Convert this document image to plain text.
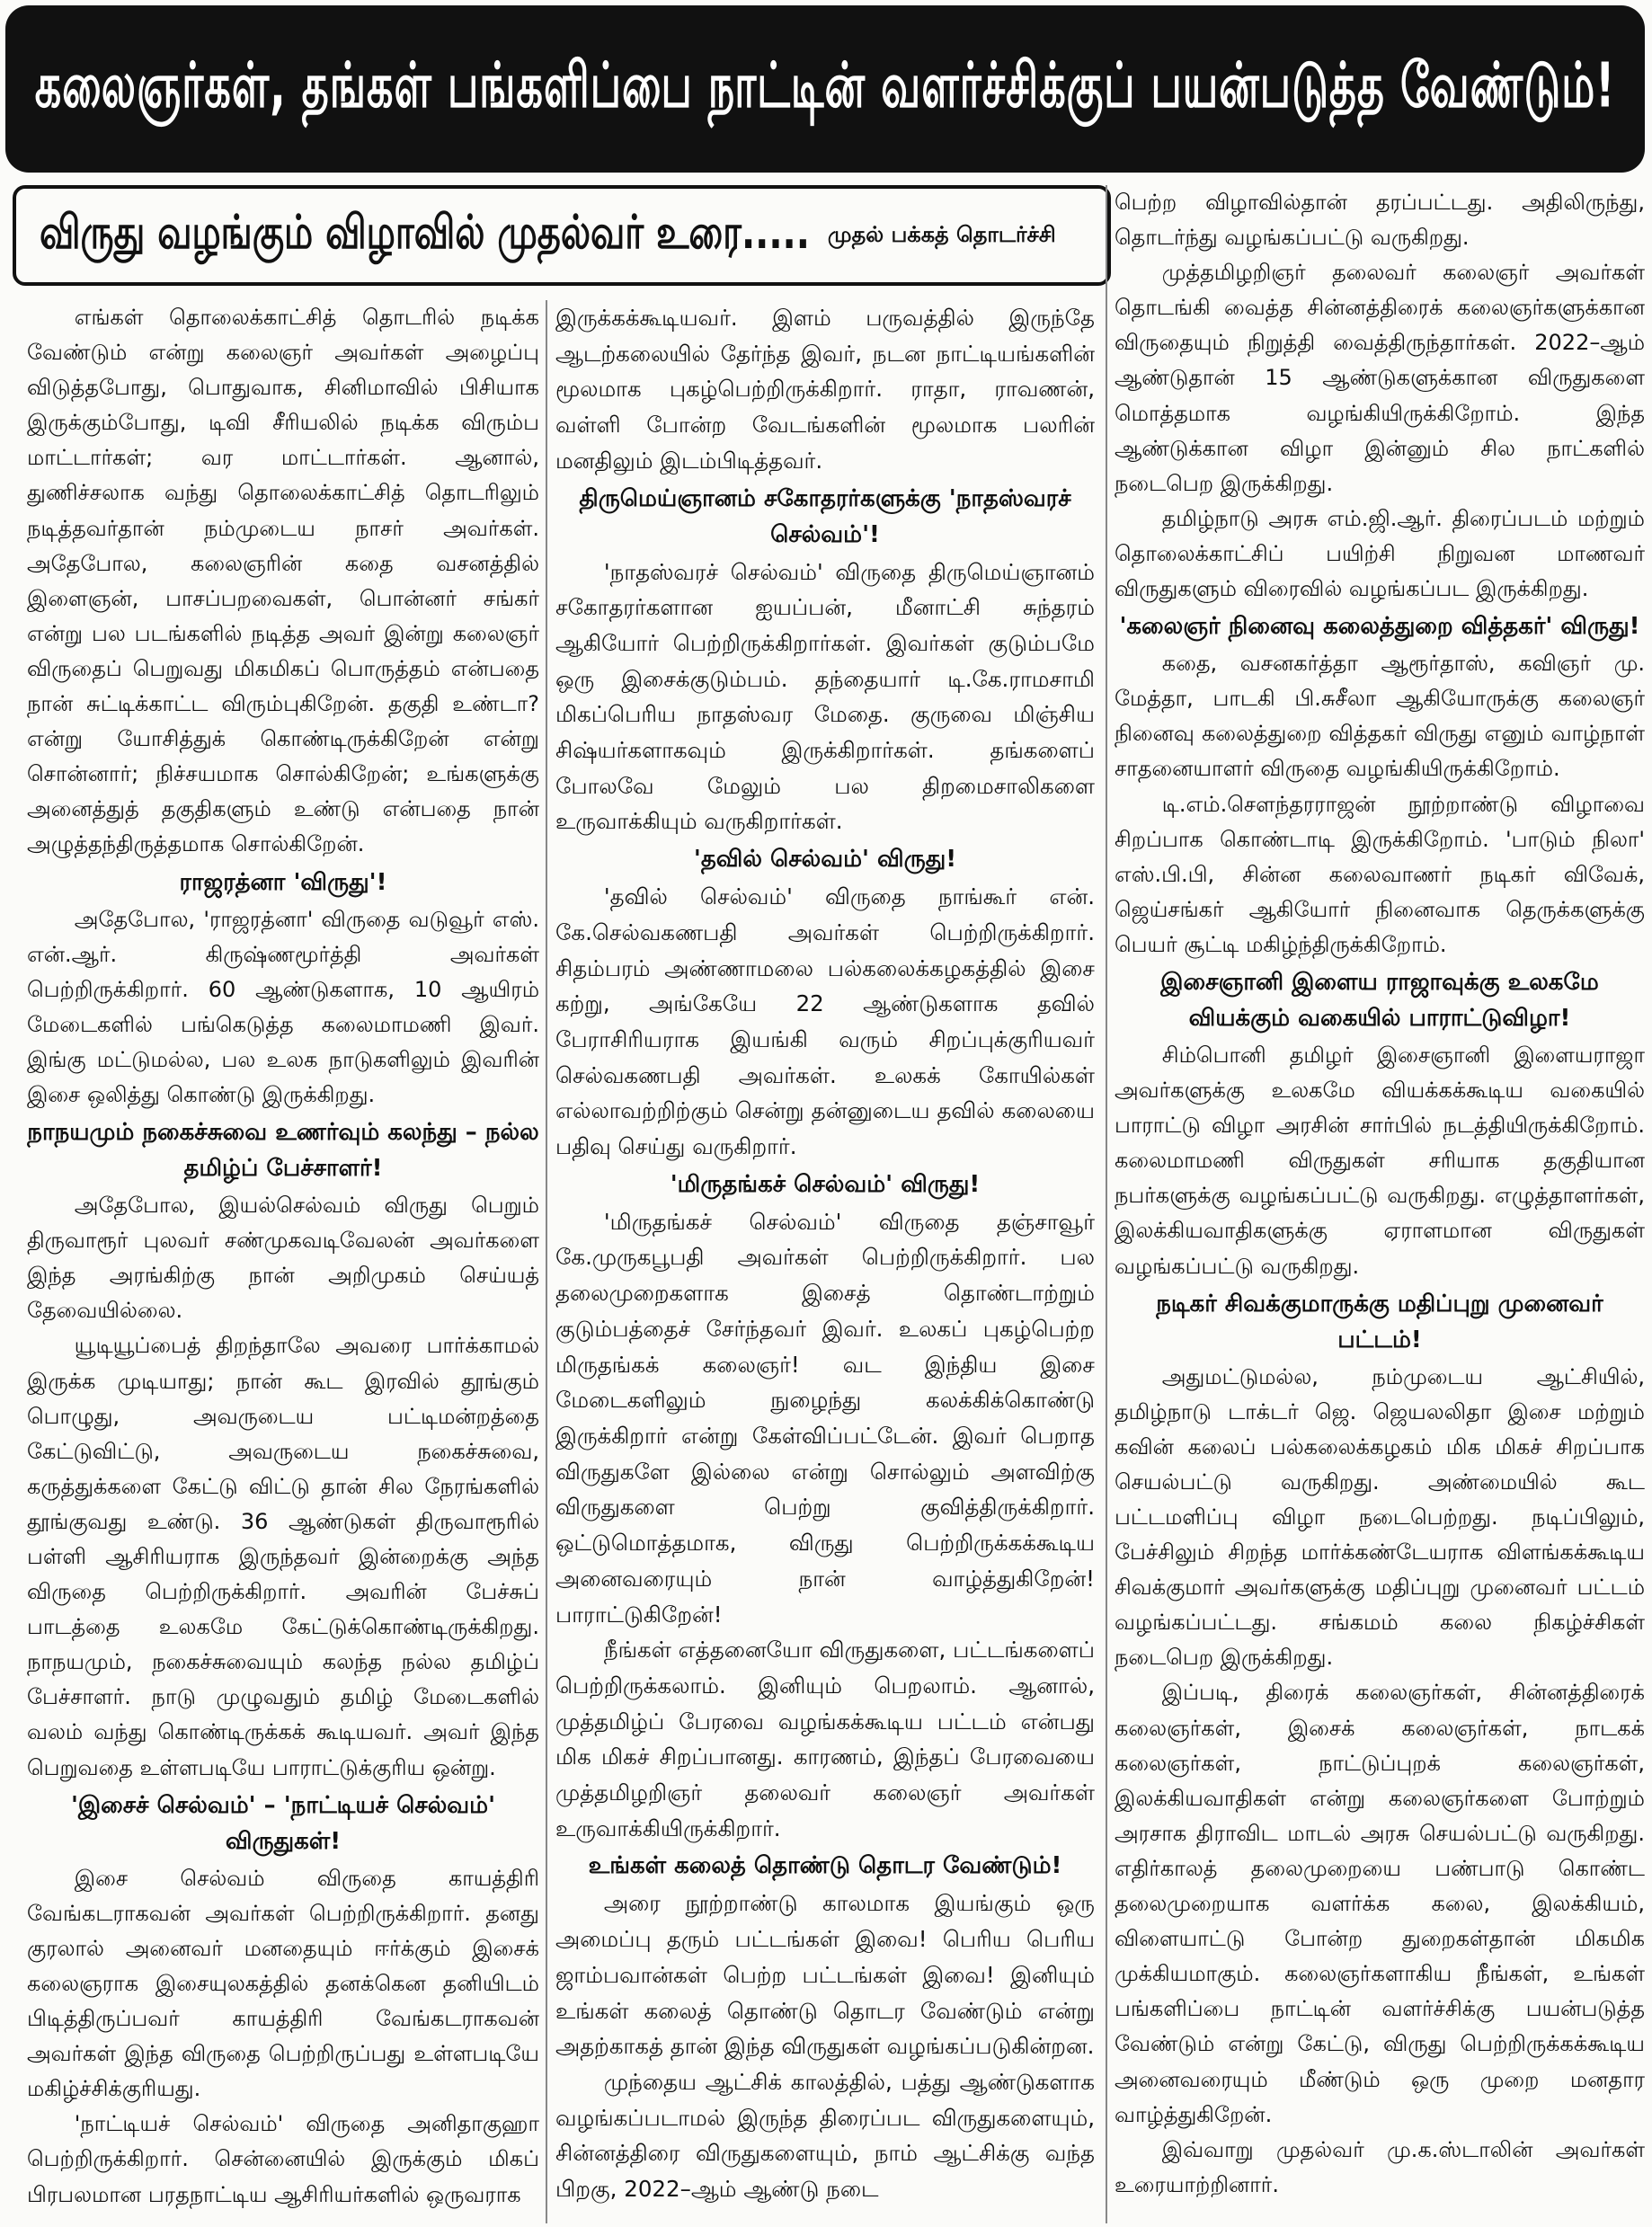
கலைஞர்கள், தங்கள் பங்களிப்பை நாட்டின் வளர்ச்சிக்குப் பயன்படுத்த வேண்டும்!
விருது வழங்கும் விழாவில் முதல்வர் உரை..... முதல் பக்கத் தொடர்ச்சி

எங்கள் தொலைக்காட்சித் தொடரில் நடிக்க வேண்டும் என்று கலைஞர் அவர்கள் அழைப்பு விடுத்தபோது, பொதுவாக, சினிமாவில் பிசியாக இருக்கும்போது, டிவி சீரியலில் நடிக்க விரும்ப மாட்டார்கள்; வர மாட்டார்கள். ஆனால், துணிச்சலாக வந்து தொலைக்காட்சித் தொடரிலும் நடித்தவர்தான் நம்முடைய நாசர் அவர்கள். அதேபோல, கலைஞரின் கதை வசனத்தில் இளைஞன், பாசப்பறவைகள், பொன்னர் சங்கர் என்று பல படங்களில் நடித்த அவர் இன்று கலைஞர் விருதைப் பெறுவது மிகமிகப் பொருத்தம் என்பதை நான் சுட்டிக்காட்ட விரும்புகிறேன். தகுதி உண்டா? என்று யோசித்துக் கொண்டிருக்கிறேன் என்று சொன்னார்; நிச்சயமாக சொல்கிறேன்; உங்களுக்கு அனைத்துத் தகுதிகளும் உண்டு என்பதை நான் அழுத்தந்திருத்தமாக சொல்கிறேன்.

ராஜரத்னா 'விருது'!

அதேபோல, 'ராஜரத்னா' விருதை வடுவூர் எஸ். என்.ஆர். கிருஷ்ணமூர்த்தி அவர்கள் பெற்றிருக்கிறார். 60 ஆண்டுகளாக, 10 ஆயிரம் மேடைகளில் பங்கெடுத்த கலைமாமணி இவர். இங்கு மட்டுமல்ல, பல உலக நாடுகளிலும் இவரின் இசை ஒலித்து கொண்டு இருக்கிறது.

நாநயமும் நகைச்சுவை உணர்வும் கலந்து – நல்ல தமிழ்ப் பேச்சாளர்!

அதேபோல, இயல்செல்வம் விருது பெறும் திருவாரூர் புலவர் சண்முகவடிவேலன் அவர்களை இந்த அரங்கிற்கு நான் அறிமுகம் செய்யத் தேவையில்லை.

யூடியூப்பைத் திறந்தாலே அவரை பார்க்காமல் இருக்க முடியாது; நான் கூட இரவில் தூங்கும் பொழுது, அவருடைய பட்டிமன்றத்தை கேட்டுவிட்டு, அவருடைய நகைச்சுவை, கருத்துக்களை கேட்டு விட்டு தான் சில நேரங்களில் தூங்குவது உண்டு. 36 ஆண்டுகள் திருவாரூரில் பள்ளி ஆசிரியராக இருந்தவர் இன்றைக்கு அந்த விருதை பெற்றிருக்கிறார். அவரின் பேச்சுப் பாடத்தை உலகமே கேட்டுக்கொண்டிருக்கிறது. நாநயமும், நகைச்சுவையும் கலந்த நல்ல தமிழ்ப் பேச்சாளர். நாடு முழுவதும் தமிழ் மேடைகளில் வலம் வந்து கொண்டிருக்கக் கூடியவர். அவர் இந்த பெறுவதை உள்ளபடியே பாராட்டுக்குரிய ஒன்று.

'இசைச் செல்வம்' – 'நாட்டியச் செல்வம்' விருதுகள்!

இசை செல்வம் விருதை காயத்திரி வேங்கடராகவன் அவர்கள் பெற்றிருக்கிறார். தனது குரலால் அனைவர் மனதையும் ஈர்க்கும் இசைக் கலைஞராக இசையுலகத்தில் தனக்கென தனியிடம் பிடித்திருப்பவர் காயத்திரி வேங்கடராகவன் அவர்கள் இந்த விருதை பெற்றிருப்பது உள்ளபடியே மகிழ்ச்சிக்குரியது.

'நாட்டியச் செல்வம்' விருதை அனிதாகுஹா பெற்றிருக்கிறார். சென்னையில் இருக்கும் மிகப் பிரபலமான பரதநாட்டிய ஆசிரியர்களில் ஒருவராக

இருக்கக்கூடியவர். இளம் பருவத்தில் இருந்தே ஆடற்கலையில் தேர்ந்த இவர், நடன நாட்டியங்களின் மூலமாக புகழ்பெற்றிருக்கிறார். ராதா, ராவணன், வள்ளி போன்ற வேடங்களின் மூலமாக பலரின் மனதிலும் இடம்பிடித்தவர்.

திருமெய்ஞானம் சகோதரர்களுக்கு 'நாதஸ்வரச் செல்வம்'!

'நாதஸ்வரச் செல்வம்' விருதை திருமெய்ஞானம் சகோதரர்களான ஐயப்பன், மீனாட்சி சுந்தரம் ஆகியோர் பெற்றிருக்கிறார்கள். இவர்கள் குடும்பமே ஒரு இசைக்குடும்பம். தந்தையார் டி.கே.ராமசாமி மிகப்பெரிய நாதஸ்வர மேதை. குருவை மிஞ்சிய சிஷ்யர்களாகவும் இருக்கிறார்கள். தங்களைப் போலவே மேலும் பல திறமைசாலிகளை உருவாக்கியும் வருகிறார்கள்.

'தவில் செல்வம்' விருது!

'தவில் செல்வம்' விருதை நாங்கூர் என். கே.செல்வகணபதி அவர்கள் பெற்றிருக்கிறார். சிதம்பரம் அண்ணாமலை பல்கலைக்கழகத்தில் இசை கற்று, அங்கேயே 22 ஆண்டுகளாக தவில் பேராசிரியராக இயங்கி வரும் சிறப்புக்குரியவர் செல்வகணபதி அவர்கள். உலகக் கோயில்கள் எல்லாவற்றிற்கும் சென்று தன்னுடைய தவில் கலையை பதிவு செய்து வருகிறார்.

'மிருதங்கச் செல்வம்' விருது!

'மிருதங்கச் செல்வம்' விருதை தஞ்சாவூர் கே.முருகபூபதி அவர்கள் பெற்றிருக்கிறார். பல தலைமுறைகளாக இசைத் தொண்டாற்றும் குடும்பத்தைச் சேர்ந்தவர் இவர். உலகப் புகழ்பெற்ற மிருதங்கக் கலைஞர்! வட இந்திய இசை மேடைகளிலும் நுழைந்து கலக்கிக்கொண்டு இருக்கிறார் என்று கேள்விப்பட்டேன். இவர் பெறாத விருதுகளே இல்லை என்று சொல்லும் அளவிற்கு விருதுகளை பெற்று குவித்திருக்கிறார். ஒட்டுமொத்தமாக, விருது பெற்றிருக்கக்கூடிய அனைவரையும் நான் வாழ்த்துகிறேன்! பாராட்டுகிறேன்!

நீங்கள் எத்தனையோ விருதுகளை, பட்டங்களைப் பெற்றிருக்கலாம். இனியும் பெறலாம். ஆனால், முத்தமிழ்ப் பேரவை வழங்கக்கூடிய பட்டம் என்பது மிக மிகச் சிறப்பானது. காரணம், இந்தப் பேரவையை முத்தமிழறிஞர் தலைவர் கலைஞர் அவர்கள் உருவாக்கியிருக்கிறார்.

உங்கள் கலைத் தொண்டு தொடர வேண்டும்!

அரை நூற்றாண்டு காலமாக இயங்கும் ஒரு அமைப்பு தரும் பட்டங்கள் இவை! பெரிய பெரிய ஜாம்பவான்கள் பெற்ற பட்டங்கள் இவை! இனியும் உங்கள் கலைத் தொண்டு தொடர வேண்டும் என்று அதற்காகத் தான் இந்த விருதுகள் வழங்கப்படுகின்றன.

முந்தைய ஆட்சிக் காலத்தில், பத்து ஆண்டுகளாக வழங்கப்படாமல் இருந்த திரைப்பட விருதுகளையும், சின்னத்திரை விருதுகளையும், நாம் ஆட்சிக்கு வந்த பிறகு, 2022–ஆம் ஆண்டு நடை

பெற்ற விழாவில்தான் தரப்பட்டது. அதிலிருந்து, தொடர்ந்து வழங்கப்பட்டு வருகிறது.

முத்தமிழறிஞர் தலைவர் கலைஞர் அவர்கள் தொடங்கி வைத்த சின்னத்திரைக் கலைஞர்களுக்கான விருதையும் நிறுத்தி வைத்திருந்தார்கள். 2022–ஆம் ஆண்டுதான் 15 ஆண்டுகளுக்கான விருதுகளை மொத்தமாக வழங்கியிருக்கிறோம். இந்த ஆண்டுக்கான விழா இன்னும் சில நாட்களில் நடைபெற இருக்கிறது.

தமிழ்நாடு அரசு எம்.ஜி.ஆர். திரைப்படம் மற்றும் தொலைக்காட்சிப் பயிற்சி நிறுவன மாணவர் விருதுகளும் விரைவில் வழங்கப்பட இருக்கிறது.

'கலைஞர் நினைவு கலைத்துறை வித்தகர்' விருது!

கதை, வசனகர்த்தா ஆரூர்தாஸ், கவிஞர் மு. மேத்தா, பாடகி பி.சுசீலா ஆகியோருக்கு கலைஞர் நினைவு கலைத்துறை வித்தகர் விருது எனும் வாழ்நாள் சாதனையாளர் விருதை வழங்கியிருக்கிறோம்.

டி.எம்.சௌந்தரராஜன் நூற்றாண்டு விழாவை சிறப்பாக கொண்டாடி இருக்கிறோம். 'பாடும் நிலா' எஸ்.பி.பி, சின்ன கலைவாணர் நடிகர் விவேக், ஜெய்சங்கர் ஆகியோர் நினைவாக தெருக்களுக்கு பெயர் சூட்டி மகிழ்ந்திருக்கிறோம்.

இசைஞானி இளைய ராஜாவுக்கு உலகமே வியக்கும் வகையில் பாராட்டுவிழா!

சிம்பொனி தமிழர் இசைஞானி இளையராஜா அவர்களுக்கு உலகமே வியக்கக்கூடிய வகையில் பாராட்டு விழா அரசின் சார்பில் நடத்தியிருக்கிறோம். கலைமாமணி விருதுகள் சரியாக தகுதியான நபர்களுக்கு வழங்கப்பட்டு வருகிறது. எழுத்தாளர்கள், இலக்கியவாதிகளுக்கு ஏராளமான விருதுகள் வழங்கப்பட்டு வருகிறது.

நடிகர் சிவக்குமாருக்கு மதிப்புறு முனைவர் பட்டம்!

அதுமட்டுமல்ல, நம்முடைய ஆட்சியில், தமிழ்நாடு டாக்டர் ஜெ. ஜெயலலிதா இசை மற்றும் கவின் கலைப் பல்கலைக்கழகம் மிக மிகச் சிறப்பாக செயல்பட்டு வருகிறது. அண்மையில் கூட பட்டமளிப்பு விழா நடைபெற்றது. நடிப்பிலும், பேச்சிலும் சிறந்த மார்க்கண்டேயராக விளங்கக்கூடிய சிவக்குமார் அவர்களுக்கு மதிப்புறு முனைவர் பட்டம் வழங்கப்பட்டது. சங்கமம் கலை நிகழ்ச்சிகள் நடைபெற இருக்கிறது.

இப்படி, திரைக் கலைஞர்கள், சின்னத்திரைக் கலைஞர்கள், இசைக் கலைஞர்கள், நாடகக் கலைஞர்கள், நாட்டுப்புறக் கலைஞர்கள், இலக்கியவாதிகள் என்று கலைஞர்களை போற்றும் அரசாக திராவிட மாடல் அரசு செயல்பட்டு வருகிறது. எதிர்காலத் தலைமுறையை பண்பாடு கொண்ட தலைமுறையாக வளர்க்க கலை, இலக்கியம், விளையாட்டு போன்ற துறைகள்தான் மிகமிக முக்கியமாகும். கலைஞர்களாகிய நீங்கள், உங்கள் பங்களிப்பை நாட்டின் வளர்ச்சிக்கு பயன்படுத்த வேண்டும் என்று கேட்டு, விருது பெற்றிருக்கக்கூடிய அனைவரையும் மீண்டும் ஒரு முறை மனதார வாழ்த்துகிறேன்.

இவ்வாறு முதல்வர் மு.க.ஸ்டாலின் அவர்கள் உரையாற்றினார்.
